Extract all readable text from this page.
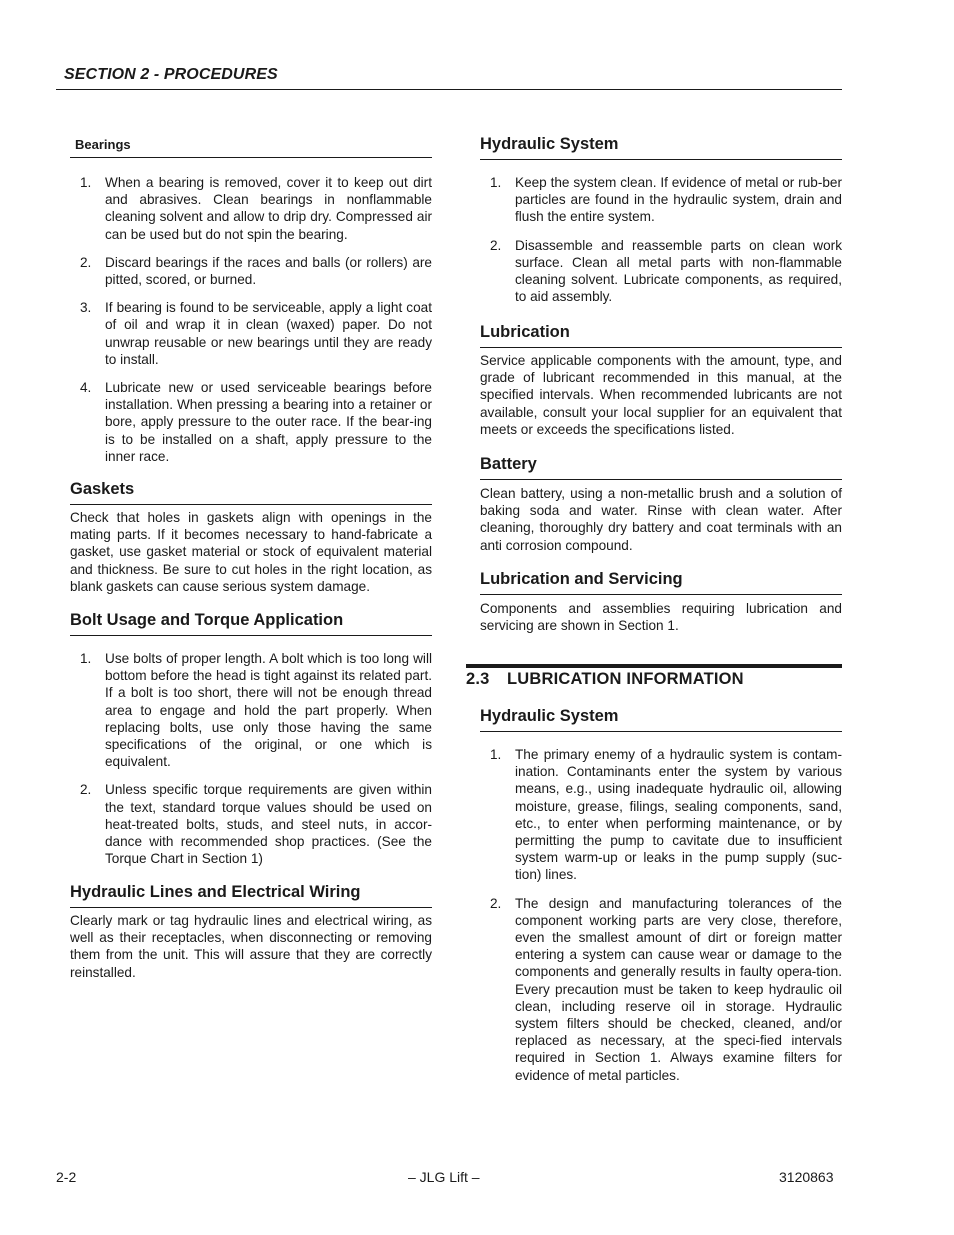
SECTION 2 - PROCEDURES
Bearings
1. When a bearing is removed, cover it to keep out dirt and abrasives. Clean bearings in nonflammable cleaning solvent and allow to drip dry. Compressed air can be used but do not spin the bearing.
2. Discard bearings if the races and balls (or rollers) are pitted, scored, or burned.
3. If bearing is found to be serviceable, apply a light coat of oil and wrap it in clean (waxed) paper. Do not unwrap reusable or new bearings until they are ready to install.
4. Lubricate new or used serviceable bearings before installation. When pressing a bearing into a retainer or bore, apply pressure to the outer race. If the bear-ing is to be installed on a shaft, apply pressure to the inner race.
Gaskets

Check that holes in gaskets align with openings in the mating parts. If it becomes necessary to hand-fabricate a gasket, use gasket material or stock of equivalent material and thickness. Be sure to cut holes in the right location, as blank gaskets can cause serious system damage.

Bolt Usage and Torque Application
1. Use bolts of proper length. A bolt which is too long will bottom before the head is tight against its related part. If a bolt is too short, there will not be enough thread area to engage and hold the part properly. When replacing bolts, use only those having the same specifications of the original, or one which is equivalent.
2. Unless specific torque requirements are given within the text, standard torque values should be used on heat-treated bolts, studs, and steel nuts, in accor-dance with recommended shop practices. (See the Torque Chart in Section 1)
Hydraulic Lines and Electrical Wiring

Clearly mark or tag hydraulic lines and electrical wiring, as well as their receptacles, when disconnecting or removing them from the unit. This will assure that they are correctly reinstalled.

Hydraulic System
1. Keep the system clean. If evidence of metal or rub-ber particles are found in the hydraulic system, drain and flush the entire system.
2. Disassemble and reassemble parts on clean work surface. Clean all metal parts with non-flammable cleaning solvent. Lubricate components, as required, to aid assembly.
Lubrication

Service applicable components with the amount, type, and grade of lubricant recommended in this manual, at the specified intervals. When recommended lubricants are not available, consult your local supplier for an equivalent that meets or exceeds the specifications listed.

Battery

Clean battery, using a non-metallic brush and a solution of baking soda and water. Rinse with clean water. After cleaning, thoroughly dry battery and coat terminals with an anti corrosion compound.

Lubrication and Servicing

Components and assemblies requiring lubrication and servicing are shown in Section 1.

2.3 LUBRICATION INFORMATION
Hydraulic System
1. The primary enemy of a hydraulic system is contam-ination. Contaminants enter the system by various means, e.g., using inadequate hydraulic oil, allowing moisture, grease, filings, sealing components, sand, etc., to enter when performing maintenance, or by permitting the pump to cavitate due to insufficient system warm-up or leaks in the pump supply (suc-tion) lines.
2. The design and manufacturing tolerances of the component working parts are very close, therefore, even the smallest amount of dirt or foreign matter entering a system can cause wear or damage to the components and generally results in faulty opera-tion. Every precaution must be taken to keep hydraulic oil clean, including reserve oil in storage. Hydraulic system filters should be checked, cleaned, and/or replaced as necessary, at the speci-fied intervals required in Section 1. Always examine filters for evidence of metal particles.
2-2	– JLG Lift –	3120863
